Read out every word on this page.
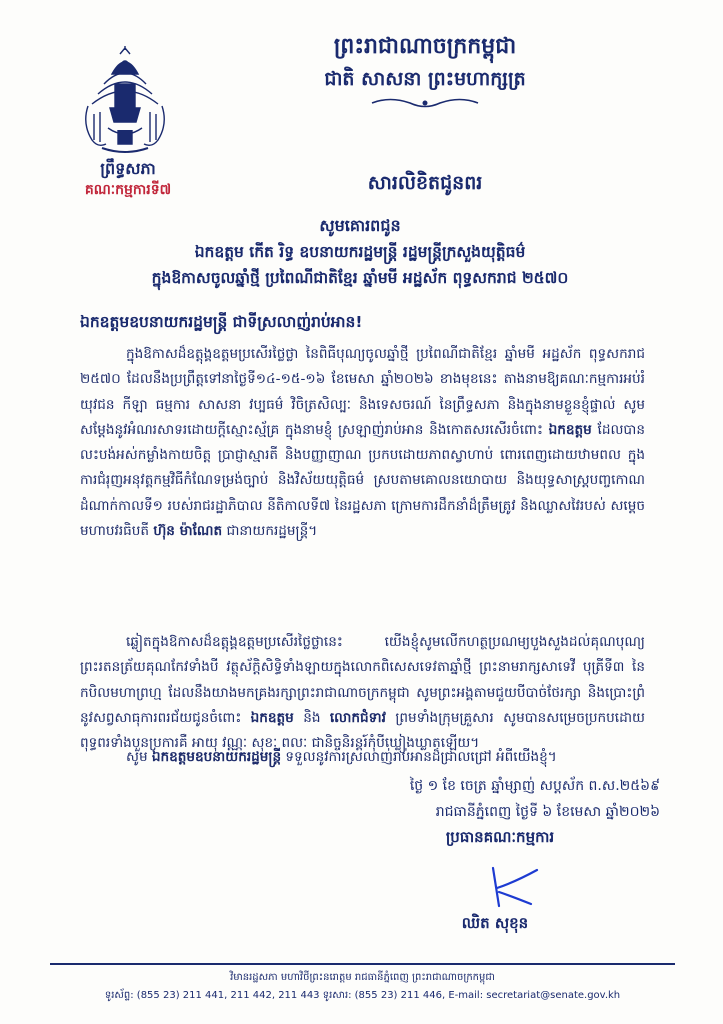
ព្រឹទ្ធសភា
គណៈកម្មការទី៧
ព្រះរាជាណាចក្រកម្ពុជា
ជាតិ សាសនា ព្រះមហាក្សត្រ
សារលិខិតជូនពរ
សូមគោរពជូន
ឯកឧត្តម កើត រិទ្ធ ឧបនាយករដ្ឋមន្ត្រី រដ្ឋមន្ត្រីក្រសួងយុត្តិធម៌
ក្នុងឱកាសចូលឆ្នាំថ្មី ប្រពៃណីជាតិខ្មែរ ឆ្នាំមមី អដ្ឋស័ក ពុទ្ធសករាជ ២៥៧០
ឯកឧត្តមឧបនាយករដ្ឋមន្ត្រី ជាទីស្រលាញ់រាប់អាន!
ក្នុងឱកាសដ៏ឧត្តុង្គឧត្តមប្រសើរថ្លៃថ្លា នៃពិធីបុណ្យចូលឆ្នាំថ្មី ប្រពៃណីជាតិខ្មែរ ឆ្នាំមមី អដ្ឋស័ក ពុទ្ធសករាជ ២៥៧០ ដែលនឹងប្រព្រឹត្តទៅនាថ្ងៃទី១៤-១៥-១៦ ខែមេសា ឆ្នាំ២០២៦ ខាងមុខនេះ តាងនាមឱ្យគណៈកម្មការអប់រំ យុវជន កីឡា ធម្មការ សាសនា វប្បធម៌ វិចិត្រសិល្បៈ និងទេសចរណ៍ នៃព្រឹទ្ធសភា និងក្នុងនាមខ្លួនខ្ញុំផ្ទាល់ សូមសម្ដែងនូវអំណរសាទរដោយក្ដីស្មោះស្ម័គ្រ ក្នុងនាមខ្ញុំ ស្រឡាញ់រាប់អាន និងកោតសរសើរចំពោះ ឯកឧត្តម ដែលបានលះបង់អស់កម្លាំងកាយចិត្ត ប្រាជ្ញាស្មារតី និងបញ្ញាញាណ ប្រកបដោយភាពស្វាហាប់ ពោរពេញដោយឋាមពល ក្នុងការជំរុញអនុវត្តកម្មវិធីកំណែទម្រង់ច្បាប់ និងវិស័យយុត្តិធម៌ ស្របតាមគោលនយោបាយ និងយុទ្ធសាស្ត្របញ្ចកោណ ដំណាក់កាលទី១ របស់រាជរដ្ឋាភិបាល នីតិកាលទី៧ នៃរដ្ឋសភា ក្រោមការដឹកនាំដ៏ត្រឹមត្រូវ និងឈ្លាសវៃរបស់ សម្ដេចមហាបវរធិបតី ហ៊ុន ម៉ាណែត ជានាយករដ្ឋមន្ត្រី។
ឆ្លៀតក្នុងឱកាសដ៏ឧត្តុង្គឧត្តមប្រសើរថ្លៃថ្លានេះ យើងខ្ញុំសូមលើកហត្ថប្រណម្យបួងសួងដល់គុណបុណ្យព្រះរតនត្រ័យគុណកែវទាំងបី វត្ថុស័ក្តិសិទ្ធិទាំងឡាយក្នុងលោកពិសេសទេវតាឆ្នាំថ្មី ព្រះនាមរាក្សសាទេវី បុត្រីទី៣ នៃកបិលមហាព្រហ្ម ដែលនឹងយាងមកគ្រងរក្សាព្រះរាជាណាចក្រកម្ពុជា សូមព្រះអង្គតាមជួយបីបាច់ថែរក្សា និងប្រោះព្រំនូវសព្វសាធុការពរជ័យជូនចំពោះ ឯកឧត្តម និង លោកជំទាវ ព្រមទាំងក្រុមគ្រួសារ សូមបានសម្រេចប្រកបដោយពុទ្ធពរទាំងបួនប្រការគឺ អាយុ វណ្ណៈ សុខៈ ពលៈ ជានិច្ចនិរន្តរ៍កុំបីឃ្លៀងឃ្លាតឡើយ។
សូម ឯកឧត្តមឧបនាយករដ្ឋមន្ត្រី ទទួលនូវការស្រលាញ់រាប់អានដ៏ជ្រាលជ្រៅ អំពីយើងខ្ញុំ។
ថ្ងៃ ១ ខែ ចេត្រ ឆ្នាំម្សាញ់ សប្តស័ក ព.ស.២៥៦៩
រាជធានីភ្នំពេញ ថ្ងៃទី ៦ ខែមេសា ឆ្នាំ២០២៦
ប្រធានគណៈកម្មការ
ឈិត សុខុន
វិមានរដ្ឋសភា មហាវិថីព្រះនរោត្តម រាជធានីភ្នំពេញ ព្រះរាជាណាចក្រកម្ពុជា
ទូរស័ព្ទ: (855 23) 211 441, 211 442, 211 443 ទូរសារ: (855 23) 211 446, E-mail: secretariat@senate.gov.kh
